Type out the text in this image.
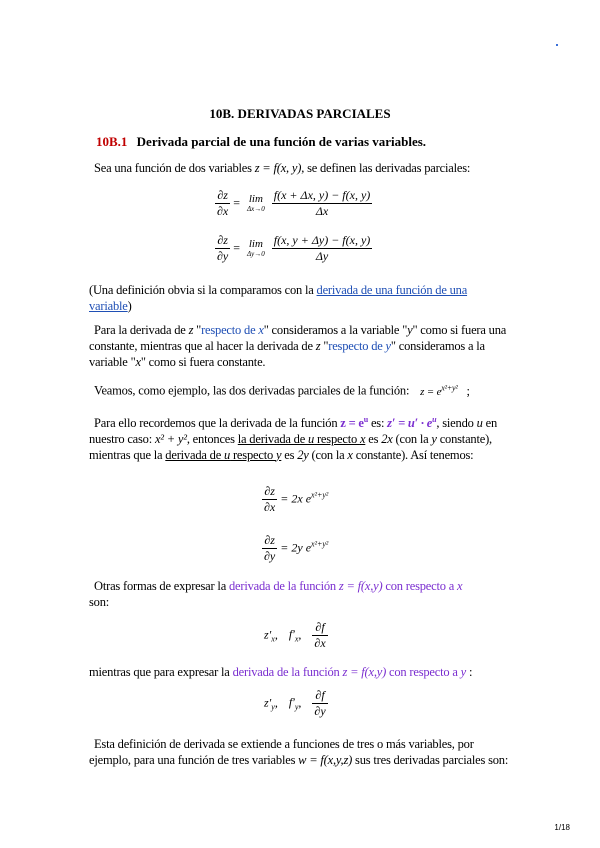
10B. DERIVADAS PARCIALES
10B.1 Derivada parcial de una función de varias variables.
Sea una función de dos variables z = f(x, y), se definen las derivadas parciales:
$\frac{\partial z}{\partial x} = \lim$
Δx→0
$\frac{f(x + \Delta x, y) - f(x, y)}{\Delta x}$
$\frac{\partial z}{\partial y} = \lim$
Δy→0
$\frac{f(x, y + \Delta y) - f(x, y)}{\Delta y}$
(Una definición obvia si la comparamos con la derivada de una función de una variable)
Para la derivada de z "respecto de x" consideramos a la variable "y" como si fuera una constante, mientras que al hacer la derivada de z "respecto de y" consideramos a la variable "x" como si fuera constante.
Veamos, como ejemplo, las dos derivadas parciales de la función: $z = e^{x^2+y^2}$ ;
Para ello recordemos que la derivada de la función $z = e^u$ es: $z' = u' \cdot e^u$, siendo u en nuestro caso: x² + y², entonces la derivada de u respecto x es 2x (con la y constante), mientras que la derivada de u respecto y es 2y (con la x constante). Así tenemos:
$\frac{\partial z}{\partial x} = 2x$ $e^{x^2+y^2}$
$\frac{\partial z}{\partial y} = 2y$ $e^{x^2+y^2}$
Otras formas de expresar la derivada de la función z = f(x,y) con respecto a x
son:
$z'_x$, $f'_x$, $\frac{\partial f}{\partial x}$
mientras que para expresar la derivada de la función z = f(x,y) con respecto a y :
$z'_y$, $f'_y$, $\frac{\partial f}{\partial y}$
Esta definición de derivada se extiende a funciones de tres o más variables, por ejemplo, para una función de tres variables w = f(x,y,z) sus tres derivadas parciales son:
1/18
